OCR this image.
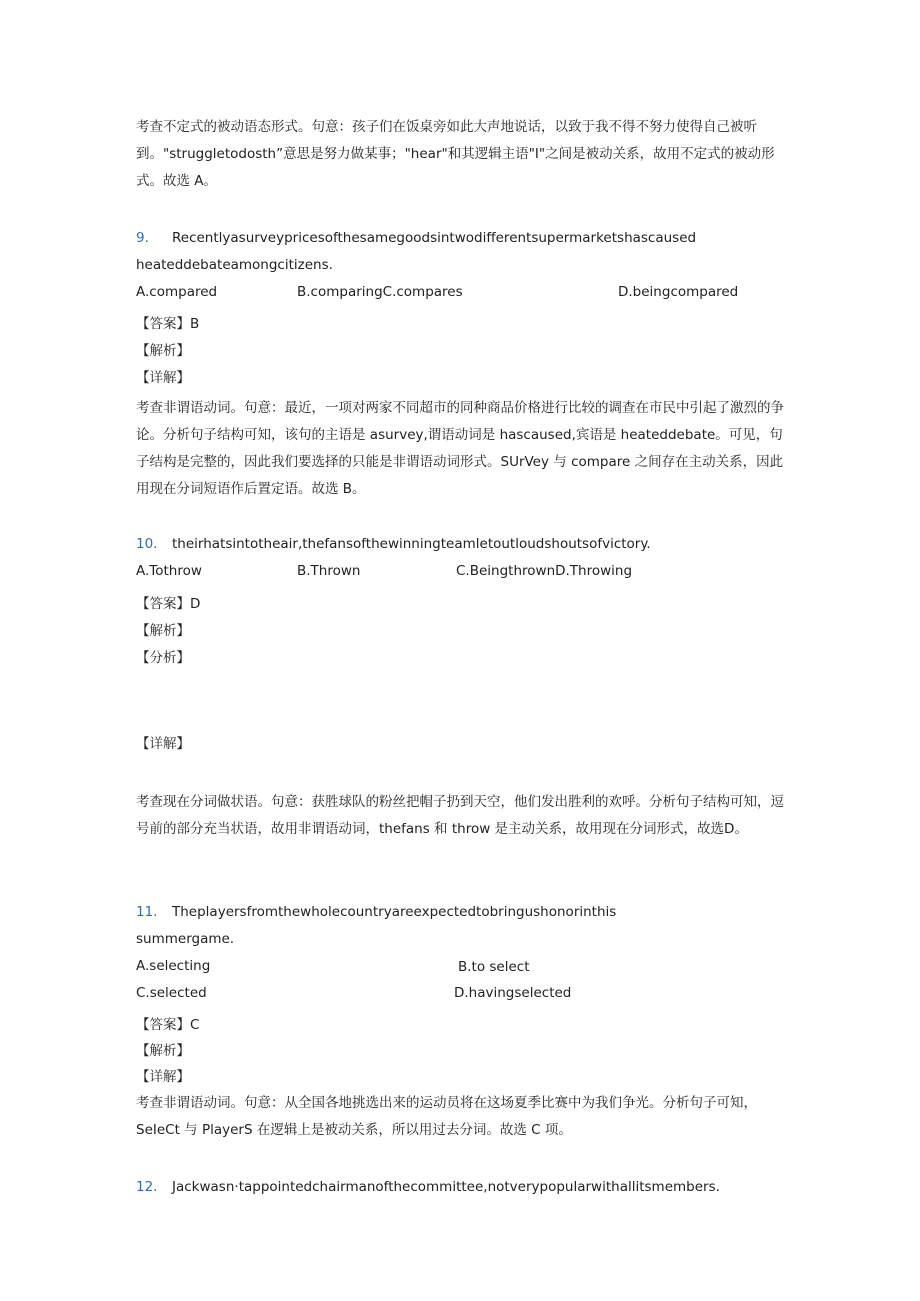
考查不定式的被动语态形式。句意：孩子们在饭桌旁如此大声地说话，以致于我不得不努力使得自己被听到。"struggletodosth”意思是努力做某事；"hear"和其逻辑主语"I"之间是被动关系，故用不定式的被动形式。故选 A。

9. Recentlyasurveypricesofthesamegoodsintwodifferentsupermarketshascaused
heateddebateamongcitizens.
A.compared	B.comparingC.compares	D.beingcompared
【答案】B
【解析】
【详解】

考查非谓语动词。句意：最近，一项对两家不同超市的同种商品价格进行比较的调查在市民中引起了激烈的争论。分析句子结构可知，该句的主语是 asurvey,谓语动词是 hascaused,宾语是 heateddebate。可见，句子结构是完整的，因此我们要选择的只能是非谓语动词形式。SUrVey 与 compare 之间存在主动关系，因此用现在分词短语作后置定语。故选 B。

10. theirhatsintotheair,thefansofthewinningteamletoutloudshoutsofvictory.
A.Tothrow	B.Thrown	C.BeingthrownD.Throwing
【答案】D
【解析】
【分析】
【详解】

考查现在分词做状语。句意：获胜球队的粉丝把帽子扔到天空，他们发出胜利的欢呼。分析句子结构可知，逗号前的部分充当状语，故用非谓语动词，thefans 和 throw 是主动关系，故用现在分词形式，故选D。

11. Theplayersfromthewholecountryareexpectedtobringushonorinthis
summergame.
A.selecting	B.to select
C.selected	D.havingselected
【答案】C
【解析】
【详解】

考查非谓语动词。句意：从全国各地挑选出来的运动员将在这场夏季比赛中为我们争光。分析句子可知，SeIeCt 与 PlayerS 在逻辑上是被动关系，所以用过去分词。故选 C 项。

12. Jackwasn·tappointedchairmanofthecommittee,notverypopularwithallitsmembers.
